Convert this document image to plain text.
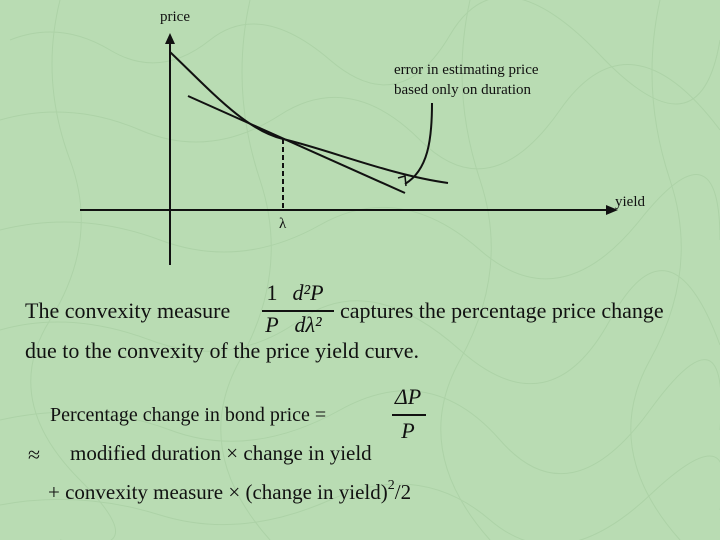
price
yield
λ
error in estimating price
based only on duration
The convexity measure
1 d²P
P dλ²
captures the percentage price change
due to the convexity of the price yield curve.
Percentage change in bond price =
ΔP
P
≈ modified duration × change in yield
+ convexity measure × (change in yield)$^2$/2
